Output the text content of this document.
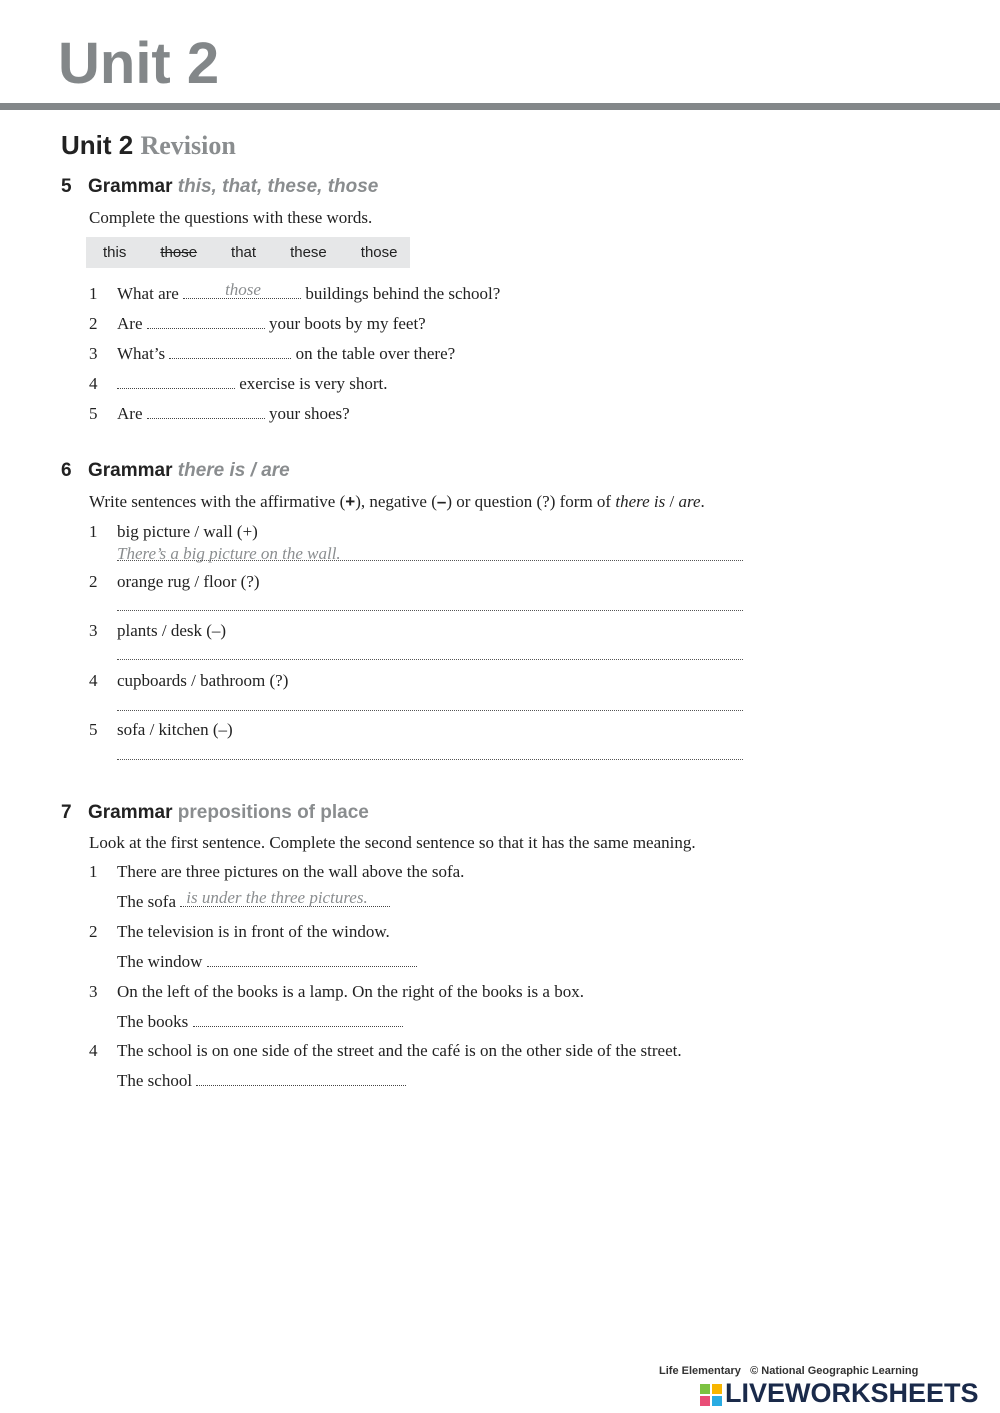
Unit 2
Unit 2 Revision
5 Grammar this, that, these, those
Complete the questions with these words.
this those that these those
1 What are	those	buildings behind the school?
2 Are	your boots by my feet?
3 What’s	on the table over there?
4	exercise is very short.
5 Are	your shoes?
6 Grammar there is / are
Write sentences with the affirmative (+), negative (–) or question (?) form of there is / are.
1 big picture / wall (+)
There’s a big picture on the wall.
2 orange rug / floor (?)
3 plants / desk (–)
4 cupboards / bathroom (?)
5 sofa / kitchen (–)
7 Grammar prepositions of place
Look at the first sentence. Complete the second sentence so that it has the same meaning.
1 There are three pictures on the wall above the sofa.
The sofa is under the three pictures.
2 The television is in front of the window.
The window
3 On the left of the books is a lamp. On the right of the books is a box.
The books
4 The school is on one side of the street and the café is on the other side of the street.
The school
Life Elementary © National Geographic Learning
LIVEWORKSHEETS
